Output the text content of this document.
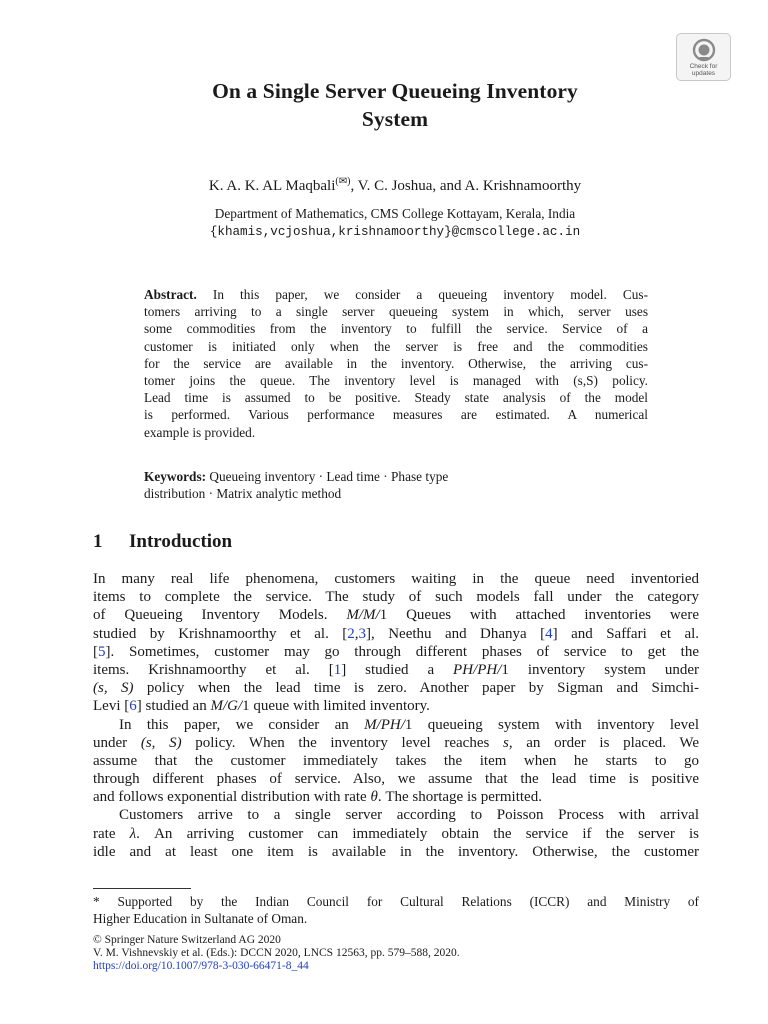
Check for
updates
On a Single Server Queueing Inventory
System
K. A. K. AL Maqbali(✉), V. C. Joshua, and A. Krishnamoorthy
Department of Mathematics, CMS College Kottayam, Kerala, India
{khamis,vcjoshua,krishnamoorthy}@cmscollege.ac.in
Abstract. In this paper, we consider a queueing inventory model. Cus-
tomers arriving to a single server queueing system in which, server uses
some commodities from the inventory to fulfill the service. Service of a
customer is initiated only when the server is free and the commodities
for the service are available in the inventory. Otherwise, the arriving cus-
tomer joins the queue. The inventory level is managed with (s,S) policy.
Lead time is assumed to be positive. Steady state analysis of the model
is performed. Various performance measures are estimated. A numerical
example is provided.
Keywords: Queueing inventory · Lead time · Phase type
distribution · Matrix analytic method
1 Introduction
In many real life phenomena, customers waiting in the queue need inventoried
items to complete the service. The study of such models fall under the category
of Queueing Inventory Models. M/M/1 Queues with attached inventories were
studied by Krishnamoorthy et al. [2,3], Neethu and Dhanya [4] and Saffari et al.
[5]. Sometimes, customer may go through different phases of service to get the
items. Krishnamoorthy et al. [1] studied a PH/PH/1 inventory system under
(s, S) policy when the lead time is zero. Another paper by Sigman and Simchi-
Levi [6] studied an M/G/1 queue with limited inventory.
In this paper, we consider an M/PH/1 queueing system with inventory level
under (s, S) policy. When the inventory level reaches s, an order is placed. We
assume that the customer immediately takes the item when he starts to go
through different phases of service. Also, we assume that the lead time is positive
and follows exponential distribution with rate θ. The shortage is permitted.
Customers arrive to a single server according to Poisson Process with arrival
rate λ. An arriving customer can immediately obtain the service if the server is
idle and at least one item is available in the inventory. Otherwise, the customer
* Supported by the Indian Council for Cultural Relations (ICCR) and Ministry of
Higher Education in Sultanate of Oman.
© Springer Nature Switzerland AG 2020
V. M. Vishnevskiy et al. (Eds.): DCCN 2020, LNCS 12563, pp. 579–588, 2020.
https://doi.org/10.1007/978-3-030-66471-8_44
